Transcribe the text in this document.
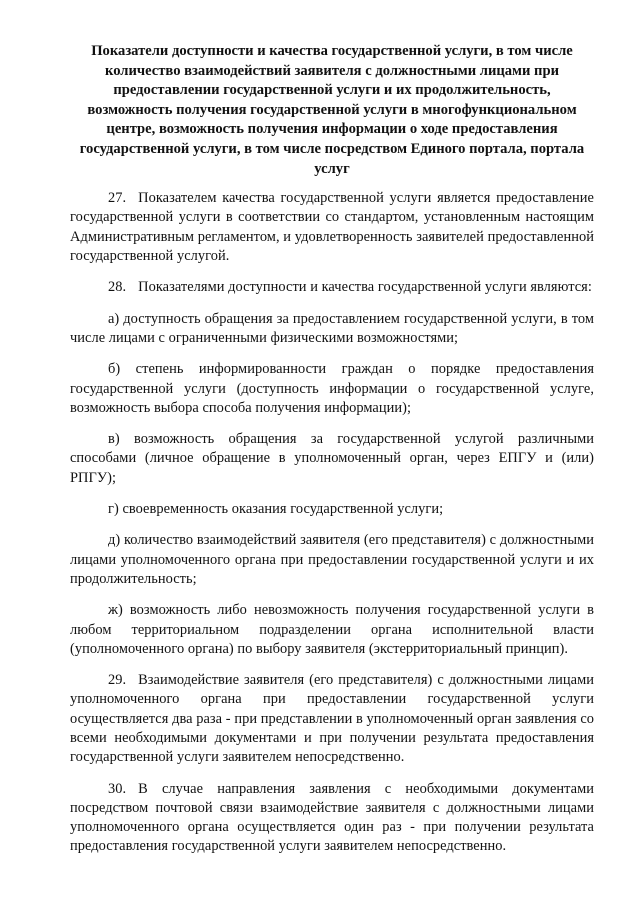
Показатели доступности и качества государственной услуги, в том числе количество взаимодействий заявителя с должностными лицами при предоставлении государственной услуги и их продолжительность, возможность получения государственной услуги в многофункциональном центре, возможность получения информации о ходе предоставления государственной услуги, в том числе посредством Единого портала, портала услуг
27. Показателем качества государственной услуги является предоставление государственной услуги в соответствии со стандартом, установленным настоящим Административным регламентом, и удовлетворенность заявителей предоставленной государственной услугой.
28. Показателями доступности и качества государственной услуги являются:
а) доступность обращения за предоставлением государственной услуги, в том числе лицами с ограниченными физическими возможностями;
б) степень информированности граждан о порядке предоставления государственной услуги (доступность информации о государственной услуге, возможность выбора способа получения информации);
в) возможность обращения за государственной услугой различными способами (личное обращение в уполномоченный орган, через ЕПГУ и (или) РПГУ);
г) своевременность оказания государственной услуги;
д) количество взаимодействий заявителя (его представителя) с должностными лицами уполномоченного органа при предоставлении государственной услуги и их продолжительность;
ж) возможность либо невозможность получения государственной услуги в любом территориальном подразделении органа исполнительной власти (уполномоченного органа) по выбору заявителя (экстерриториальный принцип).
29. Взаимодействие заявителя (его представителя) с должностными лицами уполномоченного органа при предоставлении государственной услуги осуществляется два раза - при представлении в уполномоченный орган заявления со всеми необходимыми документами и при получении результата предоставления государственной услуги заявителем непосредственно.
30. В случае направления заявления с необходимыми документами посредством почтовой связи взаимодействие заявителя с должностными лицами уполномоченного органа осуществляется один раз - при получении результата предоставления государственной услуги заявителем непосредственно.
